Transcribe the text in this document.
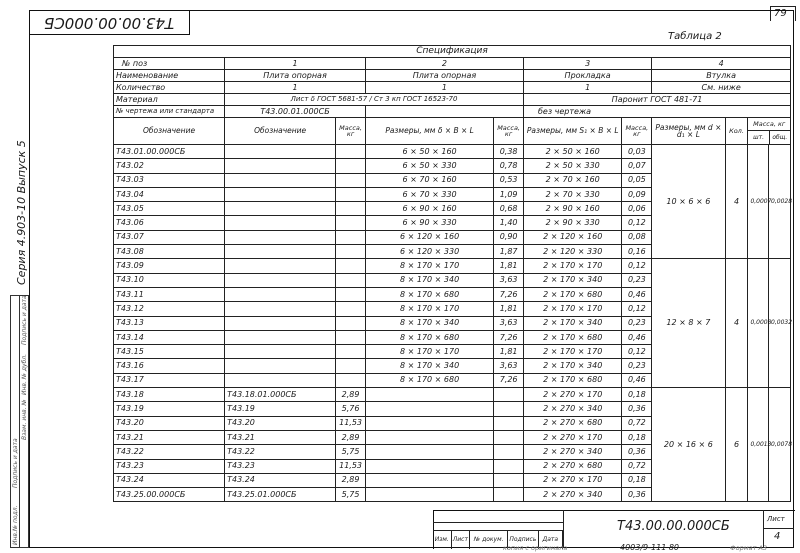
79
Серия 4.903-10 Выпуск 5
Инв.№ подл.
Подпись и дата
Взам. инв. №
Инв. № дубл.
Подпись и дата
Т43.00.00.000СБ
Таблица 2
Спецификация										
№ поз	1		2		3		4			
Наименование	Плита опорная		Плита опорная		Прокладка		Втулка			
Количество	1		1		1		См. ниже			
Материал	Лист δ ГОСТ 5681-57 / Ст 3 кп ГОСТ 16523-70				Паронит ГОСТ 481-71					
№ чертежа или стандарта	Т43.00.01.000СБ				без чертежа					
Обозначение	Обозначение	Масса, кг	Размеры, мм δ × B × L	Масса, кг	Размеры, мм S₁ × B × L	Масса, кг	Размеры, мм d × d₁ × L	Кол.	Масса, кг
шт. общ.	

Т43.01.00.000СБ			6 × 50 × 160	0,38	2 × 50 × 160	0,03	10 × 6 × 6	4	0,0007	0,0028
Т43.02			6 × 50 × 330	0,78	2 × 50 × 330	0,07				
Т43.03			6 × 70 × 160	0,53	2 × 70 × 160	0,05				
Т43.04			6 × 70 × 330	1,09	2 × 70 × 330	0,09				
Т43.05			6 × 90 × 160	0,68	2 × 90 × 160	0,06				
Т43.06			6 × 90 × 330	1,40	2 × 90 × 330	0,12				
Т43.07			6 × 120 × 160	0,90	2 × 120 × 160	0,08				
Т43.08			6 × 120 × 330	1,87	2 × 120 × 330	0,16				
Т43.09			8 × 170 × 170	1,81	2 × 170 × 170	0,12	12 × 8 × 7	4	0,0008	0,0032
Т43.10			8 × 170 × 340	3,63	2 × 170 × 340	0,23				
Т43.11			8 × 170 × 680	7,26	2 × 170 × 680	0,46				
Т43.12			8 × 170 × 170	1,81	2 × 170 × 170	0,12				
Т43.13			8 × 170 × 340	3,63	2 × 170 × 340	0,23				
Т43.14			8 × 170 × 680	7,26	2 × 170 × 680	0,46				
Т43.15			8 × 170 × 170	1,81	2 × 170 × 170	0,12				
Т43.16			8 × 170 × 340	3,63	2 × 170 × 340	0,23				
Т43.17			8 × 170 × 680	7,26	2 × 170 × 680	0,46				
Т43.18	Т43.18.01.000СБ	2,89			2 × 270 × 170	0,18	20 × 16 × 6	6	0,0013	0,0078
Т43.19	Т43.19	5,76			2 × 270 × 340	0,36				
Т43.20	Т43.20	11,53			2 × 270 × 680	0,72				
Т43.21	Т43.21	2,89			2 × 270 × 170	0,18				
Т43.22	Т43.22	5,75			2 × 270 × 340	0,36				
Т43.23	Т43.23	11,53			2 × 270 × 680	0,72				
Т43.24	Т43.24	2,89			2 × 270 × 170	0,18				
Т43.25.00.000СБ	Т43.25.01.000СБ	5,75			2 × 270 × 340	0,36				
Изм. Лист № докум. Подпись	Дата
Т43.00.00.000СБ	Лист
4
копия с оригинала	4003/9-111 80	Формат А3
